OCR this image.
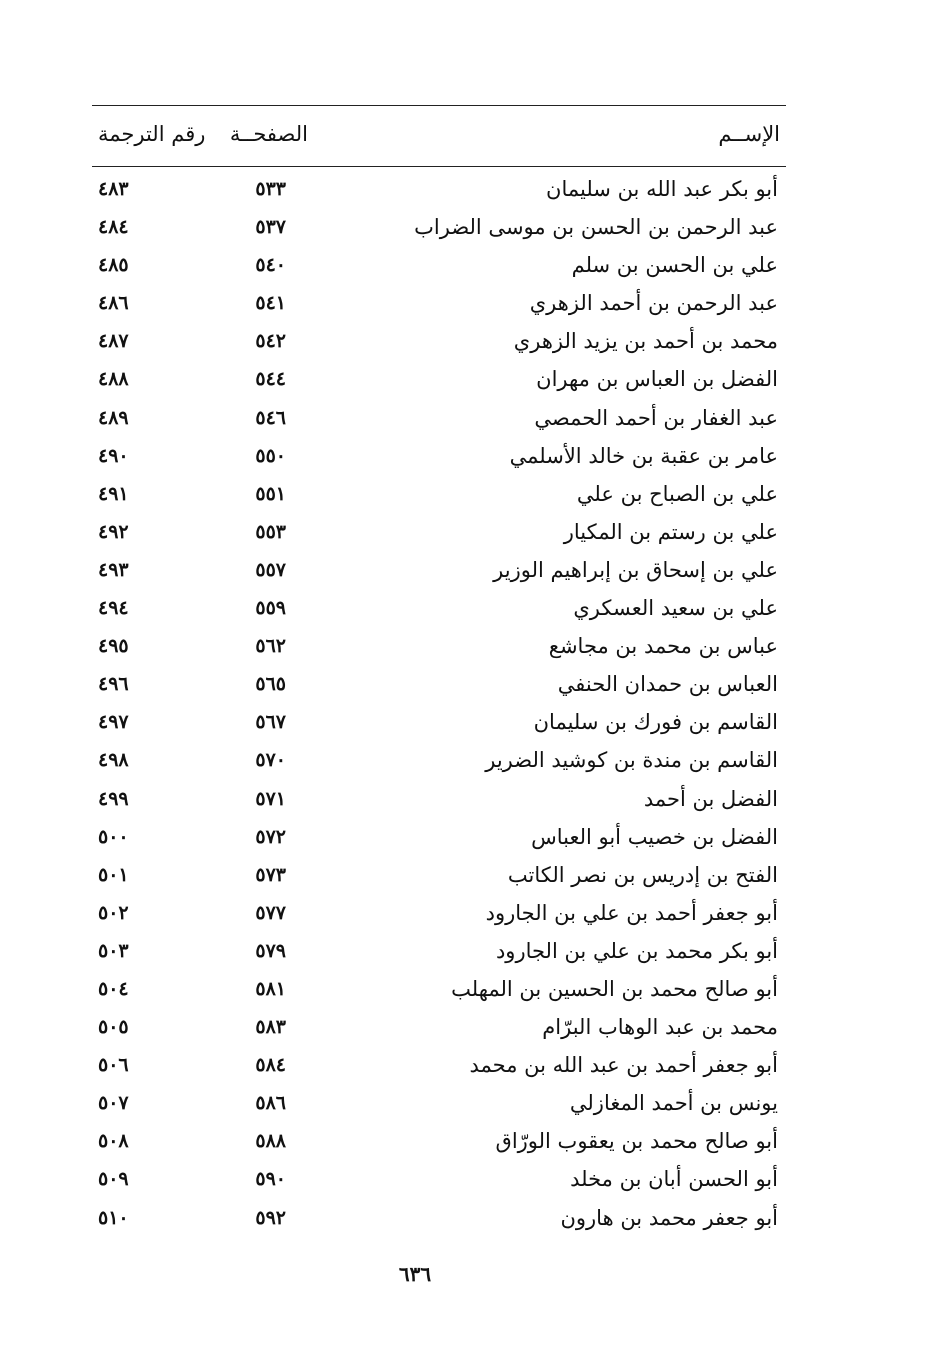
الإســم
الصفحــة
رقم الترجمة
أبو بكر عبد الله بن سليمان
٥٣٣
٤٨٣
عبد الرحمن بن الحسن بن موسى الضراب
٥٣٧
٤٨٤
علي بن الحسن بن سلم
٥٤٠
٤٨٥
عبد الرحمن بن أحمد الزهري
٥٤١
٤٨٦
محمد بن أحمد بن يزيد الزهري
٥٤٢
٤٨٧
الفضل بن العباس بن مهران
٥٤٤
٤٨٨
عبد الغفار بن أحمد الحمصي
٥٤٦
٤٨٩
عامر بن عقبة بن خالد الأسلمي
٥٥٠
٤٩٠
علي بن الصباح بن علي
٥٥١
٤٩١
علي بن رستم بن المكيار
٥٥٣
٤٩٢
علي بن إسحاق بن إبراهيم الوزير
٥٥٧
٤٩٣
علي بن سعيد العسكري
٥٥٩
٤٩٤
عباس بن محمد بن مجاشع
٥٦٢
٤٩٥
العباس بن حمدان الحنفي
٥٦٥
٤٩٦
القاسم بن فورك بن سليمان
٥٦٧
٤٩٧
القاسم بن مندة بن كوشيد الضرير
٥٧٠
٤٩٨
الفضل بن أحمد
٥٧١
٤٩٩
الفضل بن خصيب أبو العباس
٥٧٢
٥٠٠
الفتح بن إدريس بن نصر الكاتب
٥٧٣
٥٠١
أبو جعفر أحمد بن علي بن الجارود
٥٧٧
٥٠٢
أبو بكر محمد بن علي بن الجارود
٥٧٩
٥٠٣
أبو صالح محمد بن الحسين بن المهلب
٥٨١
٥٠٤
محمد بن عبد الوهاب البرّام
٥٨٣
٥٠٥
أبو جعفر أحمد بن عبد الله بن محمد
٥٨٤
٥٠٦
يونس بن أحمد المغازلي
٥٨٦
٥٠٧
أبو صالح محمد بن يعقوب الورّاق
٥٨٨
٥٠٨
أبو الحسن أبان بن مخلد
٥٩٠
٥٠٩
أبو جعفر محمد بن هارون
٥٩٢
٥١٠
٦٣٦
